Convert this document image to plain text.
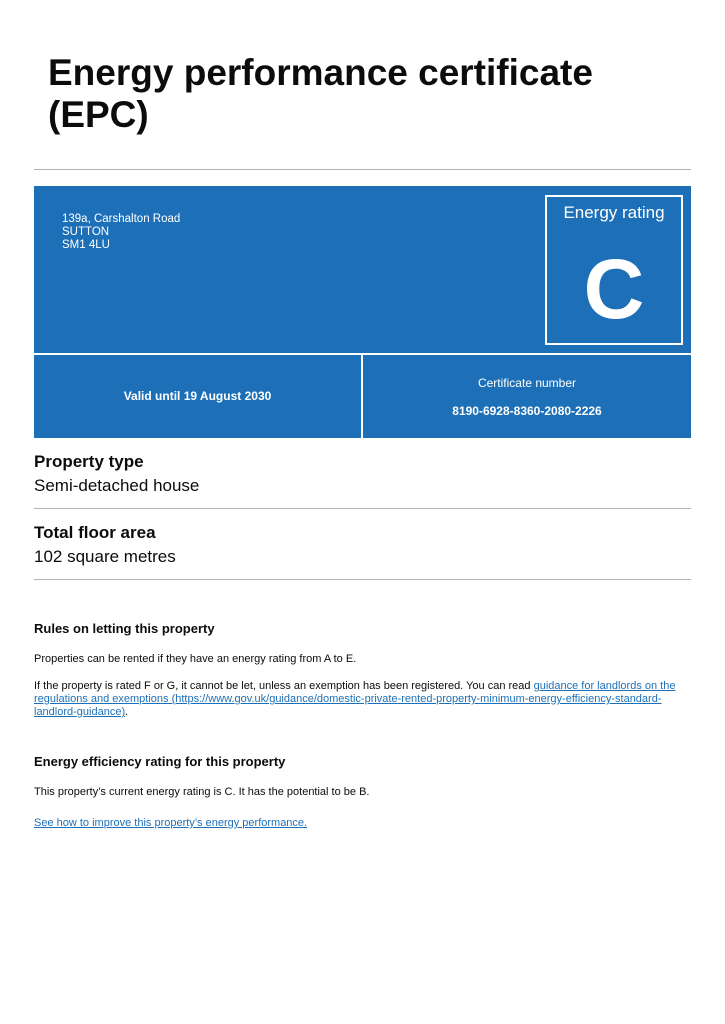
Energy performance certificate
(EPC)
139a, Carshalton Road
SUTTON
SM1 4LU
Energy rating
C
Valid until 19 August 2030
Certificate number
8190-6928-8360-2080-2226
Property type

Semi-detached house

Total floor area

102 square metres

Rules on letting this property

Properties can be rented if they have an energy rating from A to E.

If the property is rated F or G, it cannot be let, unless an exemption has been registered. You can read guidance for landlords on the regulations and exemptions (https://www.gov.uk/guidance/domestic-private-rented-property-minimum-energy-efficiency-standard-landlord-guidance).

Energy efficiency rating for this property

This property’s current energy rating is C. It has the potential to be B.

See how to improve this property’s energy performance.
